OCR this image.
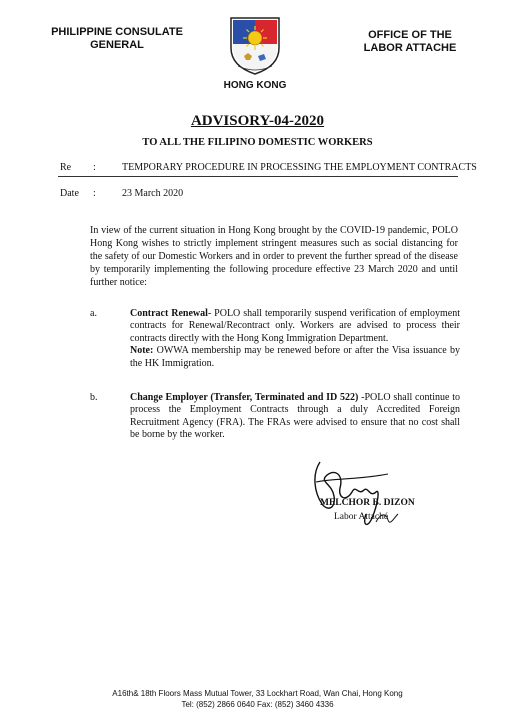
PHILIPPINE CONSULATE
GENERAL
OFFICE OF THE
LABOR ATTACHE
HONG KONG
ADVISORY-04-2020
TO ALL THE FILIPINO DOMESTIC WORKERS
Re :	TEMPORARY PROCEDURE IN PROCESSING THE EMPLOYMENT CONTRACTS
Date :	23 March 2020
In view of the current situation in Hong Kong brought by the COVID-19 pandemic, POLO Hong Kong wishes to strictly implement stringent measures such as social distancing for the safety of our Domestic Workers and in order to prevent the further spread of the disease by temporarily implementing the following procedure effective 23 March 2020 and until further notice:
a.	Contract Renewal- POLO shall temporarily suspend verification of employment contracts for Renewal/Recontract only. Workers are advised to process their contracts directly with the Hong Kong Immigration Department.
Note: OWWA membership may be renewed before or after the Visa issuance by the HK Immigration.
b.	Change Employer (Transfer, Terminated and ID 522) -POLO shall continue to process the Employment Contracts through a duly Accredited Foreign Recruitment Agency (FRA). The FRAs were advised to ensure that no cost shall be borne by the worker.
MELCHOR B. DIZON
Labor Attaché
A16th& 18th Floors Mass Mutual Tower, 33 Lockhart Road, Wan Chai, Hong Kong
Tel: (852) 2866 0640 Fax: (852) 3460 4336
